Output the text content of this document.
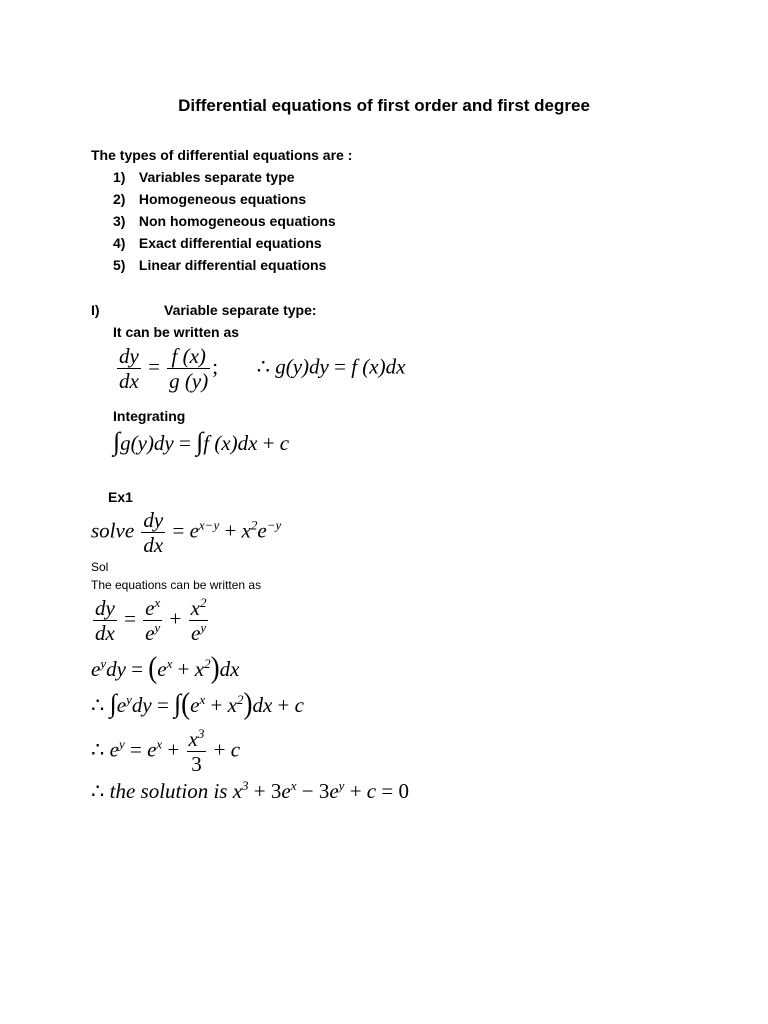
Differential equations of first order and first degree
The types of differential equations are :
1) Variables separate type
2) Homogeneous equations
3) Non homogeneous equations
4) Exact differential equations
5) Linear differential equations
I)	Variable separate type:
It can be written as
$\frac{dy}{dx} = \frac{f (x)}{g (y)}$ ; ∴ g(y)dy = f (x)dx
Integrating
∫g(y)dy = ∫f (x)dx + c
Ex1
solve $\frac{dy}{dx} = e^{x-y} + x^2e^{-y}$
Sol
The equations can be written as
$\frac{dy}{dx} = \frac{e^x}{e^y} + \frac{x^2}{e^y}$
$e^ydy = (e^x + x^2)dx$
∴ $\int e^ydy = \int(e^x + x^2)dx + c$
∴ $e^y = e^x + \frac{x^3}{3} + c$
∴ the solution is $x^3 + 3e^x - 3e^y + c = 0$
